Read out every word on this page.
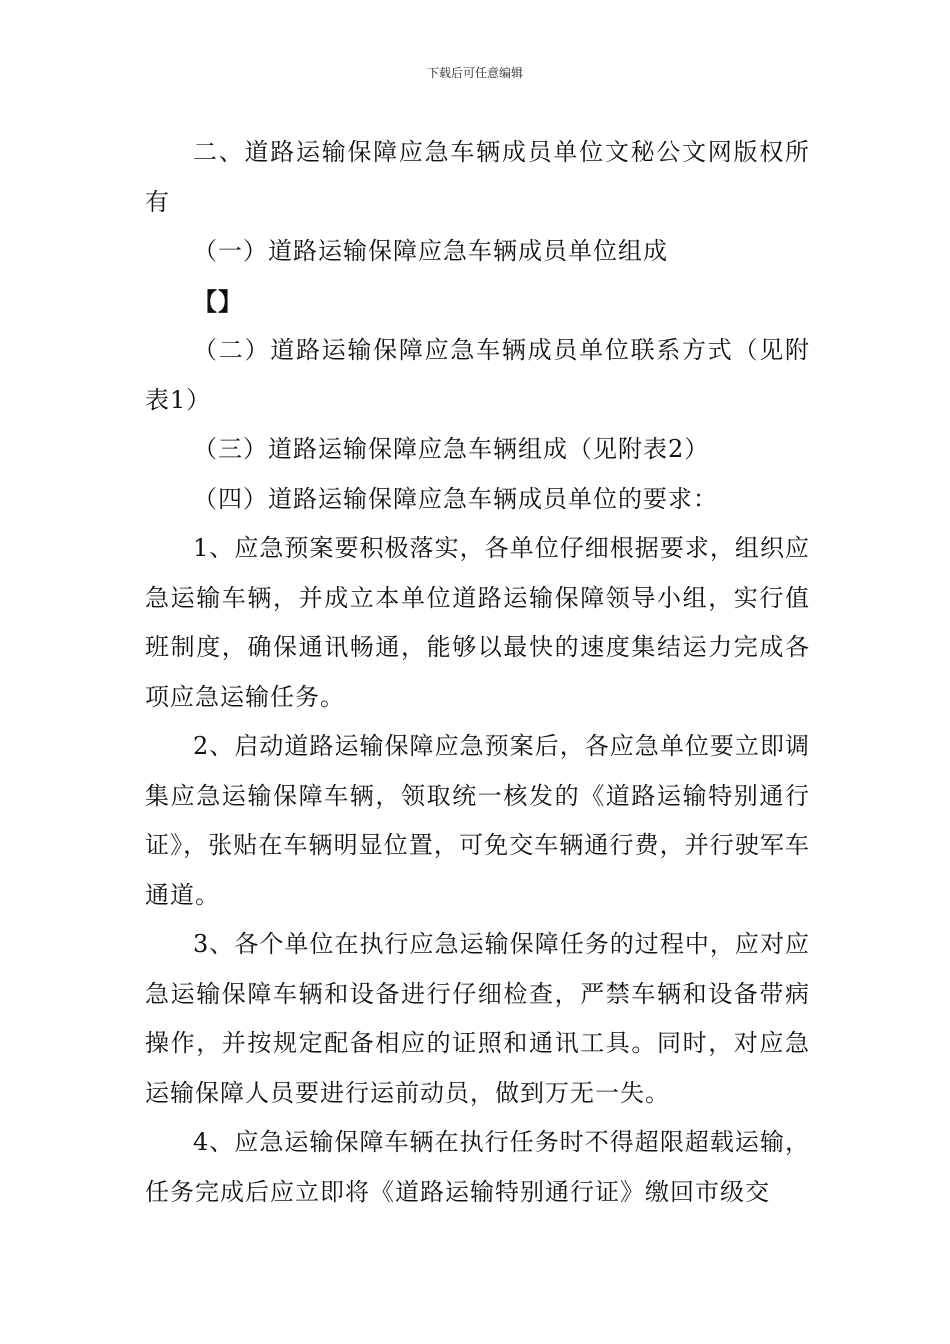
下载后可任意编辑

二、道路运输保障应急车辆成员单位文秘公文网版权所有

（一）道路运输保障应急车辆成员单位组成

【】

（二）道路运输保障应急车辆成员单位联系方式（见附表1）

（三）道路运输保障应急车辆组成（见附表2）

（四）道路运输保障应急车辆成员单位的要求：

1、应急预案要积极落实，各单位仔细根据要求，组织应急运输车辆，并成立本单位道路运输保障领导小组，实行值班制度，确保通讯畅通，能够以最快的速度集结运力完成各项应急运输任务。

2、启动道路运输保障应急预案后，各应急单位要立即调集应急运输保障车辆，领取统一核发的《道路运输特别通行证》，张贴在车辆明显位置，可免交车辆通行费，并行驶军车通道。

3、各个单位在执行应急运输保障任务的过程中，应对应急运输保障车辆和设备进行仔细检查，严禁车辆和设备带病操作，并按规定配备相应的证照和通讯工具。同时，对应急运输保障人员要进行运前动员，做到万无一失。

4、应急运输保障车辆在执行任务时不得超限超载运输，任务完成后应立即将《道路运输特别通行证》缴回市级交
